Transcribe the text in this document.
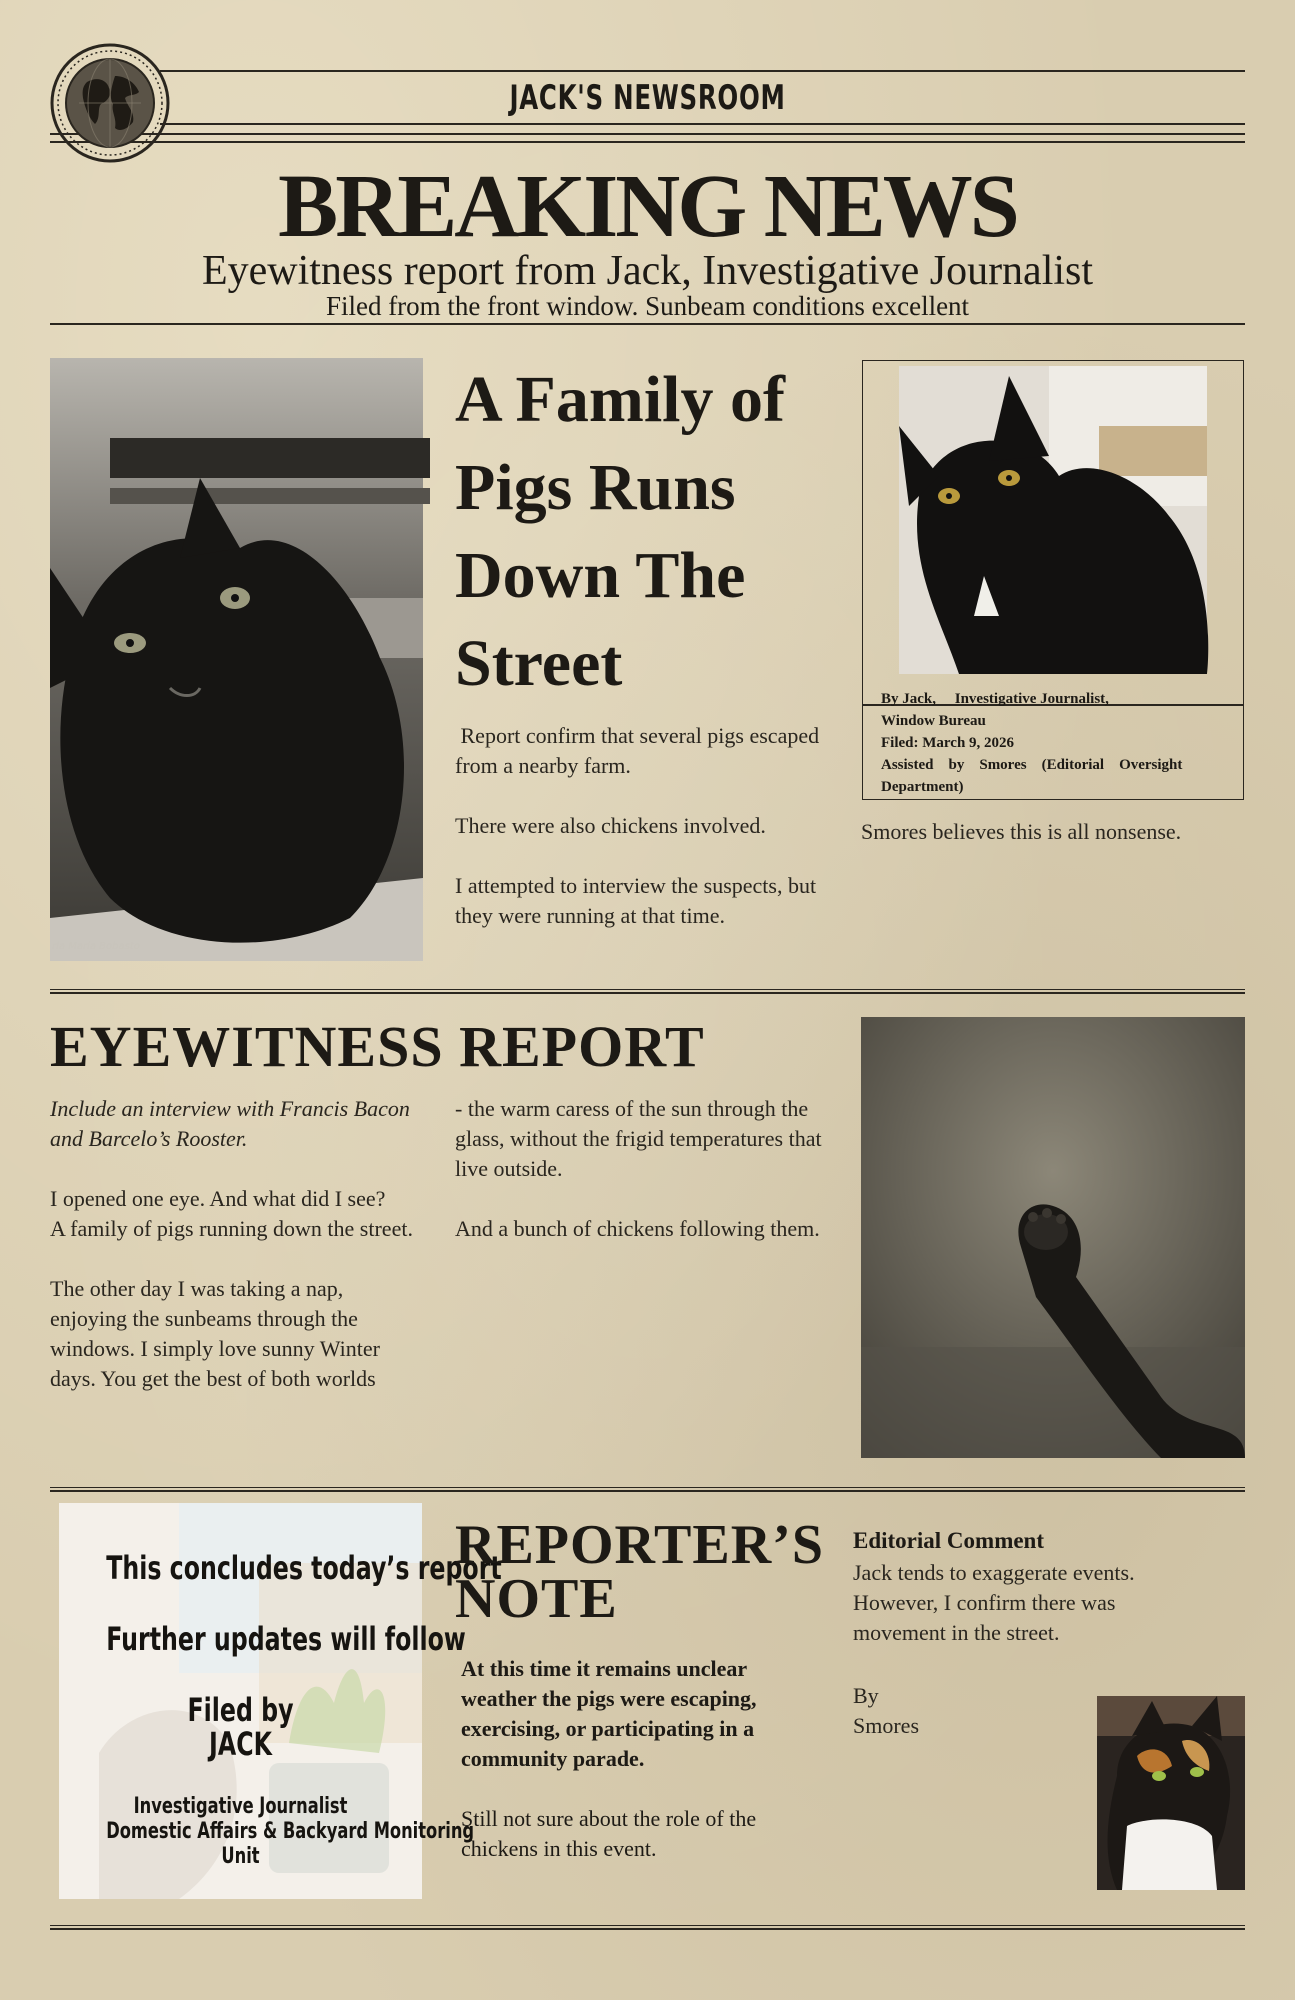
JACK'S NEWSROOM
BREAKING NEWS
Eyewitness report from Jack, Investigative Journalist
Filed from the front window. Sunbeam conditions excellent
rla Maria Bobasto
A Family of
Pigs Runs
Down The
Street

Report confirm that several pigs escaped from a nearby farm.

There were also chickens involved.

I attempted to interview the suspects, but they were running at that time.

By Jack,     Investigative Journalist,
Window Bureau
Filed: March 9, 2026
Assisted    by    Smores    (Editorial    Oversight
Department)
Smores believes this is all nonsense.
EYEWITNESS REPORT

Include an interview with Francis Bacon and Barcelo’s Rooster.

I opened one eye. And what did I see?

A family of pigs running down the street.

The other day I was taking a nap, enjoying the sunbeams through the windows. I simply love sunny Winter days. You get the best of both worlds

- the warm caress of the sun through the  glass, without the frigid temperatures that live outside.

And a bunch of chickens following them.

This concludes today’s report
Further updates will follow
Filed by
JACK
Investigative Journalist
Domestic Affairs & Backyard Monitoring
Unit
REPORTER’S
NOTE

At this time it remains unclear weather the pigs were escaping, exercising, or participating in a community parade.

Still not sure about the role of the chickens in this event.

Editorial Comment
Jack tends to exaggerate events. However, I confirm there was movement in the street.

By

Smores
